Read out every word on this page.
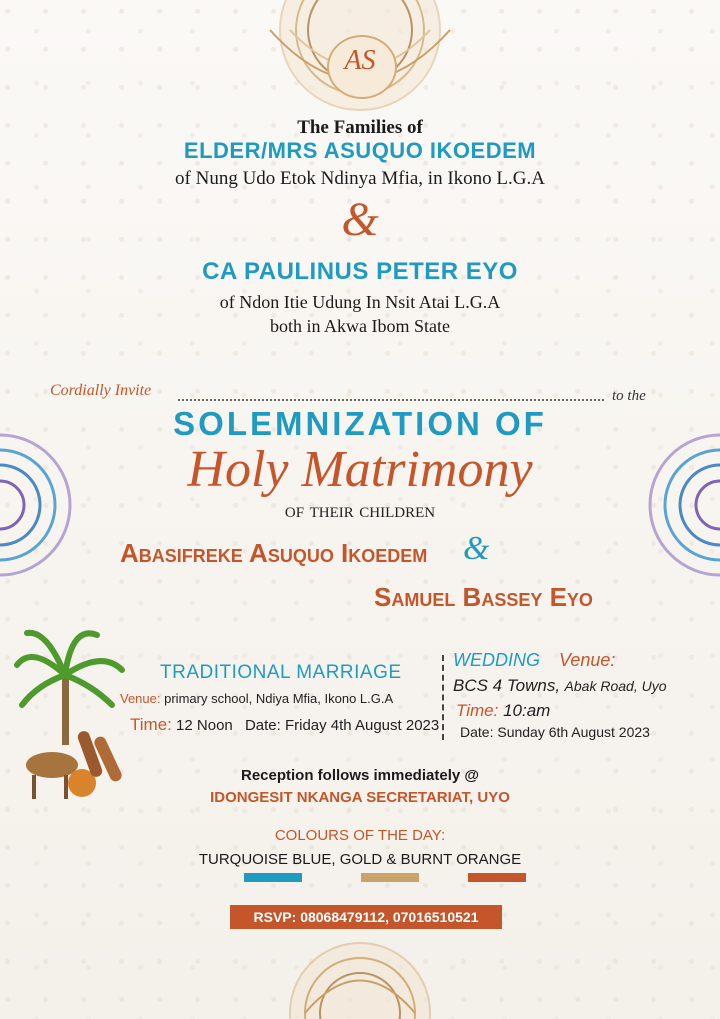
AS
The Families of
ELDER/MRS ASUQUO IKOEDEM
of Nung Udo Etok Ndinya Mfia, in Ikono L.G.A
&
CA PAULINUS PETER EYO
of Ndon Itie Udung In Nsit Atai L.G.A
both in Akwa Ibom State
Cordially Invite	to the
SOLEMNIZATION OF
Holy Matrimony
of their children
Abasifreke Asuquo Ikoedem &
Samuel Bassey Eyo
TRADITIONAL MARRIAGE
Venue: primary school, Ndiya Mfia, Ikono L.G.A
Time: 12 Noon Date: Friday 4th August 2023
WEDDING Venue:
BCS 4 Towns, Abak Road, Uyo
Time: 10:am
Date: Sunday 6th August 2023
Reception follows immediately @
IDONGESIT NKANGA SECRETARIAT, UYO
COLOURS OF THE DAY:
TURQUOISE BLUE, GOLD & BURNT ORANGE
RSVP: 08068479112, 07016510521
